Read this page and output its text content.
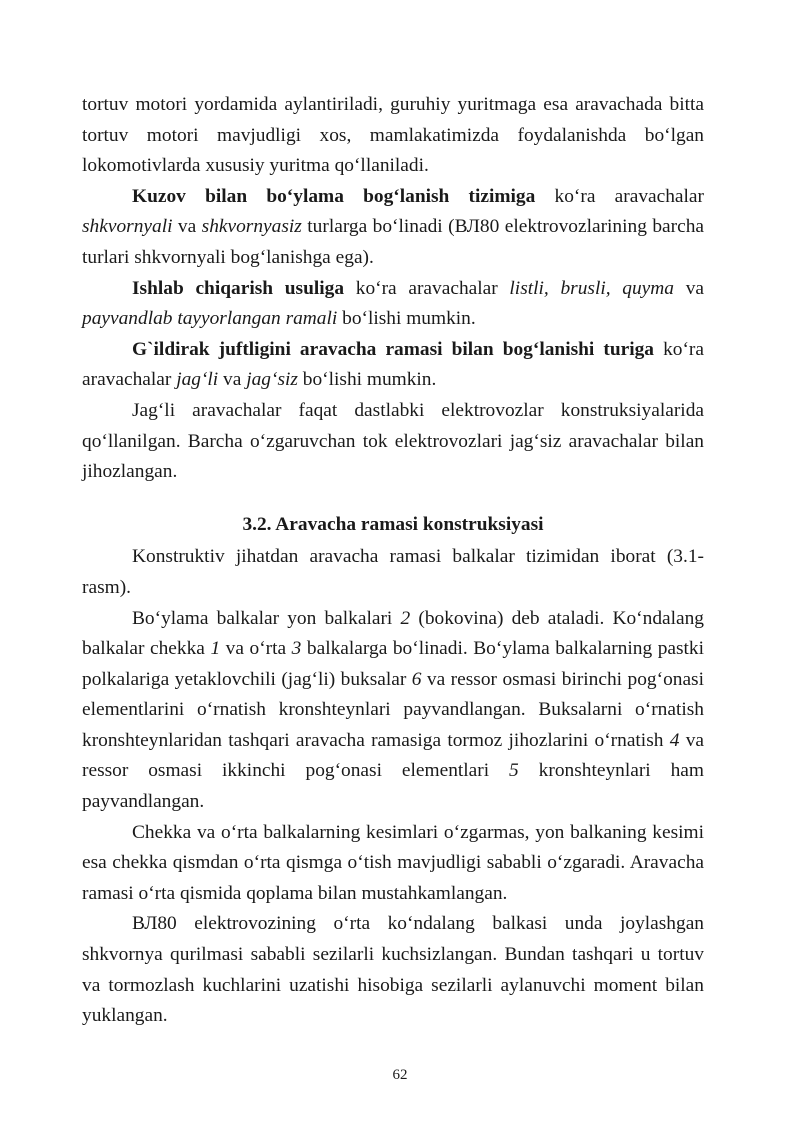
tortuv motori yordamida aylantiriladi, guruhiy yuritmaga esa aravachada bitta tortuv motori mavjudligi xos, mamlakatimizda foydalanishda bo‘lgan lokomotivlarda xususiy yuritma qo‘llaniladi.

Kuzov bilan bo‘ylama bog‘lanish tizimiga ko‘ra aravachalar shkvornyali va shkvornyasiz turlarga bo‘linadi (ВЛ80 elektrovozlarining barcha turlari shkvornyali bog‘lanishga ega).

Ishlab chiqarish usuliga ko‘ra aravachalar listli, brusli, quyma va payvandlab tayyorlangan ramali bo‘lishi mumkin.

G`ildirak juftligini aravacha ramasi bilan bog‘lanishi turiga ko‘ra aravachalar jag‘li va jag‘siz bo‘lishi mumkin.

Jag‘li aravachalar faqat dastlabki elektrovozlar konstruksiyalarida qo‘llanilgan. Barcha o‘zgaruvchan tok elektrovozlari jag‘siz aravachalar bilan jihozlangan.

3.2. Aravacha ramasi konstruksiyasi

Konstruktiv jihatdan aravacha ramasi balkalar tizimidan iborat (3.1-rasm).

Bo‘ylama balkalar yon balkalari 2 (bokovina) deb ataladi. Ko‘ndalang balkalar chekka 1 va o‘rta 3 balkalarga bo‘linadi. Bo‘ylama balkalarning pastki polkalariga yetaklovchili (jag‘li) buksalar 6 va ressor osmasi birinchi pog‘onasi elementlarini o‘rnatish kronshteynlari payvandlangan. Buksalarni o‘rnatish kronshteynlaridan tashqari aravacha ramasiga tormoz jihozlarini o‘rnatish 4 va ressor osmasi ikkinchi pog‘onasi elementlari 5 kronshteynlari ham payvandlangan.

Chekka va o‘rta balkalarning kesimlari o‘zgarmas, yon balkaning kesimi esa chekka qismdan o‘rta qismga o‘tish mavjudligi sababli o‘zgaradi. Aravacha ramasi o‘rta qismida qoplama bilan mustahkamlangan.

ВЛ80 elektrovozining o‘rta ko‘ndalang balkasi unda joylashgan shkvornya qurilmasi sababli sezilarli kuchsizlangan. Bundan tashqari u tortuv va tormozlash kuchlarini uzatishi hisobiga sezilarli aylanuvchi moment bilan yuklangan.

62
